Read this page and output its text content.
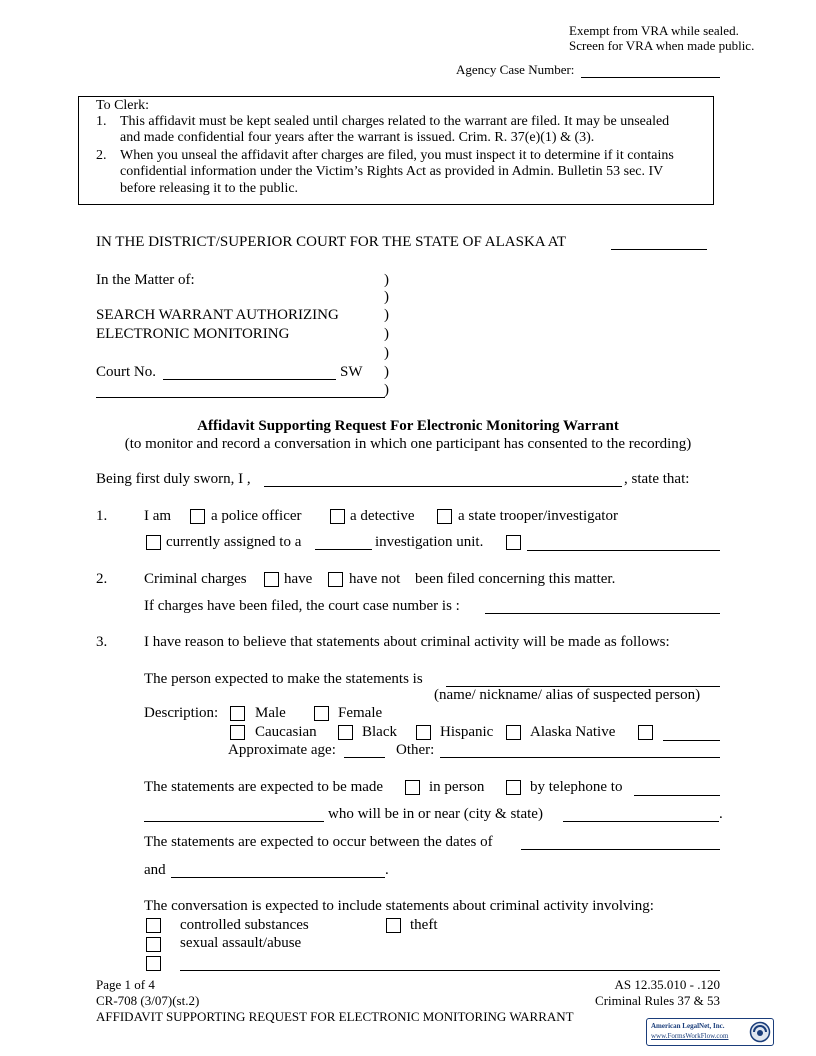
Exempt from VRA while sealed.
Screen for VRA when made public.
Agency Case Number:
To Clerk:
1. This affidavit must be kept sealed until charges related to the warrant are filed. It may be unsealed
and made confidential four years after the warrant is issued. Crim. R. 37(e)(1) & (3).
2. When you unseal the affidavit after charges are filed, you must inspect it to determine if it contains
confidential information under the Victim’s Rights Act as provided in Admin. Bulletin 53 sec. IV
before releasing it to the public.
IN THE DISTRICT/SUPERIOR COURT FOR THE STATE OF ALASKA AT
In the Matter of:
SEARCH WARRANT AUTHORIZING
ELECTRONIC MONITORING
Court No.	SW
)
)
)
)
)
)
)
Affidavit Supporting Request For Electronic Monitoring Warrant
(to monitor and record a conversation in which one participant has consented to the recording)
Being first duly sworn, I ,	, state that:
1. I am	a police officer	a detective	a state trooper/investigator
currently assigned to a	investigation unit.
2. Criminal charges have have not been filed concerning this matter.
If charges have been filed, the court case number is :
3. I have reason to believe that statements about criminal activity will be made as follows:
The person expected to make the statements is
(name/ nickname/ alias of suspected person)
Description: Male	Female
Caucasian	Black	Hispanic Alaska Native
Approximate age:	Other:
The statements are expected to be made	in person	by telephone to
who will be in or near (city & state)	.
The statements are expected to occur between the dates of
and	.
The conversation is expected to include statements about criminal activity involving:
controlled substances	theft
sexual assault/abuse
Page 1 of 4
CR-708 (3/07)(st.2)
AFFIDAVIT SUPPORTING REQUEST FOR ELECTRONIC MONITORING WARRANT
AS 12.35.010 - .120
Criminal Rules 37 & 53
American LegalNet, Inc.
www.FormsWorkFlow.com
